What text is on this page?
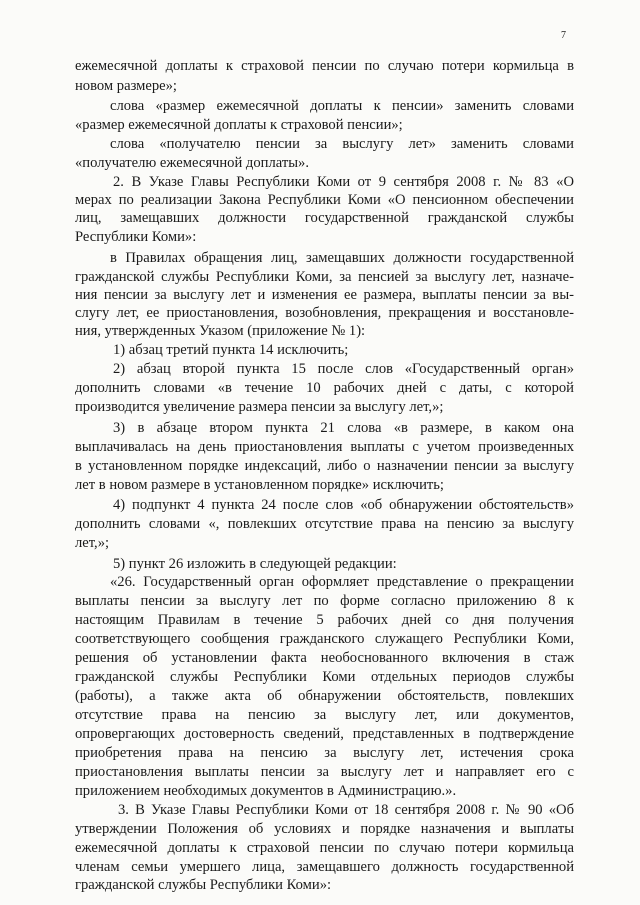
7
ежемесячной доплаты к страховой пенсии по случаю потери кормильца в
новом размере»;
слова «размер ежемесячной доплаты к пенсии» заменить словами
«размер ежемесячной доплаты к страховой пенсии»;
слова «получателю пенсии за выслугу лет» заменить словами
«получателю ежемесячной доплаты».
2. В Указе Главы Республики Коми от 9 сентября 2008 г. № 83 «О
мерах по реализации Закона Республики Коми «О пенсионном обеспечении
лиц, замещавших должности государственной гражданской службы
Республики Коми»:
в Правилах обращения лиц, замещавших должности государственной
гражданской службы Республики Коми, за пенсией за выслугу лет, назначе-
ния пенсии за выслугу лет и изменения ее размера, выплаты пенсии за вы-
слугу лет, ее приостановления, возобновления, прекращения и восстановле-
ния, утвержденных Указом (приложение № 1):
1) абзац третий пункта 14 исключить;
2) абзац второй пункта 15 после слов «Государственный орган»
дополнить словами «в течение 10 рабочих дней с даты, с которой
производится увеличение размера пенсии за выслугу лет,»;
3) в абзаце втором пункта 21 слова «в размере, в каком она
выплачивалась на день приостановления выплаты с учетом произведенных
в установленном порядке индексаций, либо о назначении пенсии за выслугу
лет в новом размере в установленном порядке» исключить;
4) подпункт 4 пункта 24 после слов «об обнаружении обстоятельств»
дополнить словами «, повлекших отсутствие права на пенсию за выслугу
лет,»;
5) пункт 26 изложить в следующей редакции:
«26. Государственный орган оформляет представление о прекращении
выплаты пенсии за выслугу лет по форме согласно приложению 8 к
настоящим Правилам в течение 5 рабочих дней со дня получения
соответствующего сообщения гражданского служащего Республики Коми,
решения об установлении факта необоснованного включения в стаж
гражданской службы Республики Коми отдельных периодов службы
(работы), а также акта об обнаружении обстоятельств, повлекших
отсутствие права на пенсию за выслугу лет, или документов,
опровергающих достоверность сведений, представленных в подтверждение
приобретения права на пенсию за выслугу лет, истечения срока
приостановления выплаты пенсии за выслугу лет и направляет его с
приложением необходимых документов в Администрацию.».
3. В Указе Главы Республики Коми от 18 сентября 2008 г. № 90 «Об
утверждении Положения об условиях и порядке назначения и выплаты
ежемесячной доплаты к страховой пенсии по случаю потери кормильца
членам семьи умершего лица, замещавшего должность государственной
гражданской службы Республики Коми»:
